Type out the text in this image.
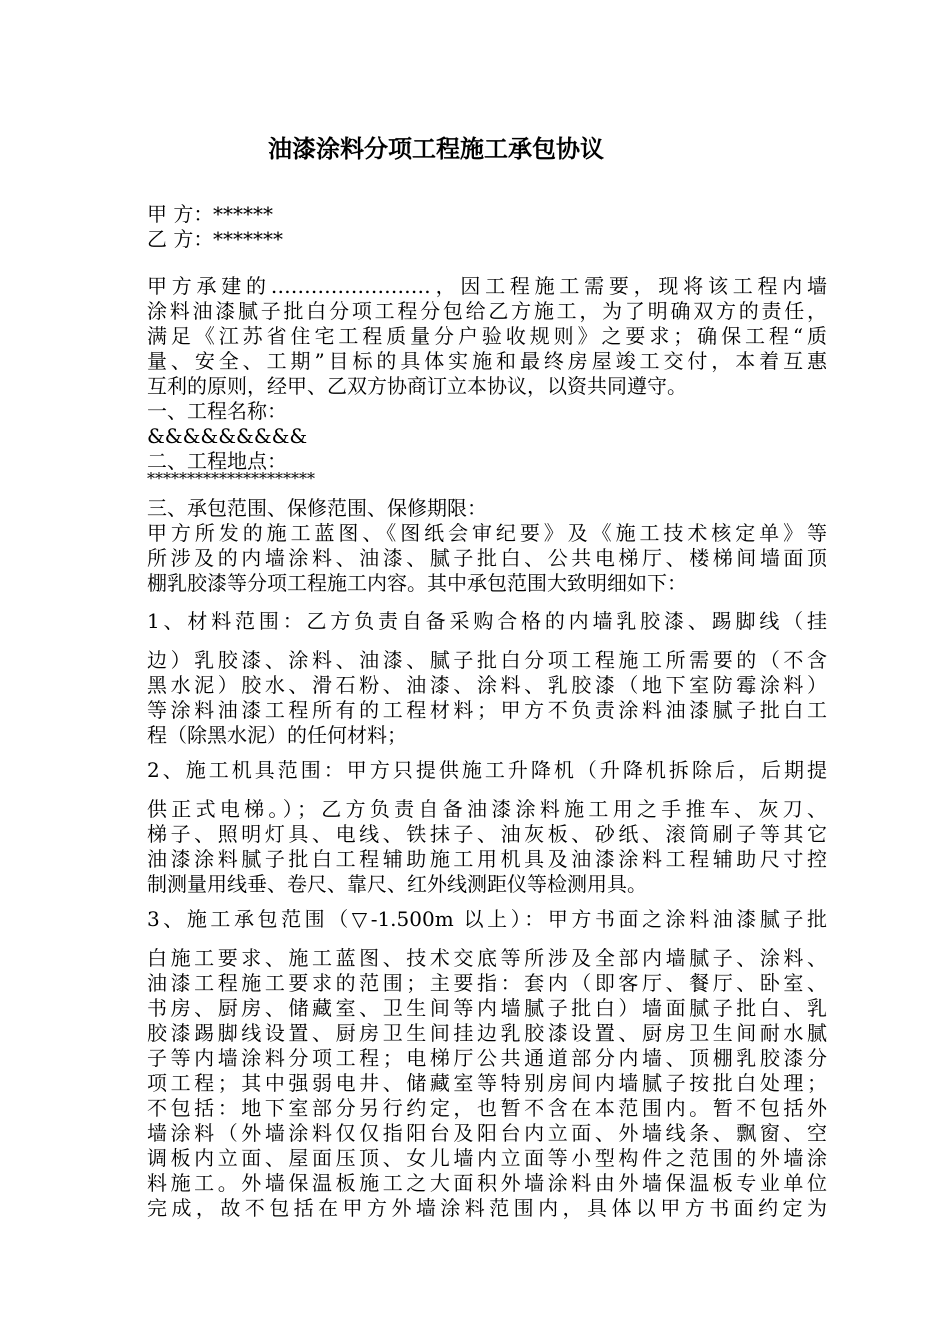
油漆涂料分项工程施工承包协议
甲 方：******
乙 方：*******
甲方承建的……………………，因工程施工需要，现将该工程内墙
涂料油漆腻子批白分项工程分包给乙方施工，为了明确双方的责任，
满足《江苏省住宅工程质量分户验收规则》之要求；确保工程“质
量、安全、工期”目标的具体实施和最终房屋竣工交付，本着互惠
互利的原则，经甲、乙双方协商订立本协议，以资共同遵守。
一、工程名称：
&&&&&&&&&
二、工程地点：
*********************
三、承包范围、保修范围、保修期限：
甲方所发的施工蓝图、《图纸会审纪要》及《施工技术核定单》等
所涉及的内墙涂料、油漆、腻子批白、公共电梯厅、楼梯间墙面顶
棚乳胶漆等分项工程施工内容。其中承包范围大致明细如下：
1、材料范围：乙方负责自备采购合格的内墙乳胶漆、踢脚线（挂
边）乳胶漆、涂料、油漆、腻子批白分项工程施工所需要的（不含
黑水泥）胶水、滑石粉、油漆、涂料、乳胶漆（地下室防霉涂料）
等涂料油漆工程所有的工程材料；甲方不负责涂料油漆腻子批白工
程（除黑水泥）的任何材料；
2、施工机具范围：甲方只提供施工升降机（升降机拆除后，后期提
供正式电梯。）；乙方负责自备油漆涂料施工用之手推车、灰刀、
梯子、照明灯具、电线、铁抹子、油灰板、砂纸、滚筒刷子等其它
油漆涂料腻子批白工程辅助施工用机具及油漆涂料工程辅助尺寸控
制测量用线垂、卷尺、靠尺、红外线测距仪等检测用具。
3、施工承包范围（▽-1.500m 以上）：甲方书面之涂料油漆腻子批
白施工要求、施工蓝图、技术交底等所涉及全部内墙腻子、涂料、
油漆工程施工要求的范围；主要指：套内（即客厅、餐厅、卧室、
书房、厨房、储藏室、卫生间等内墙腻子批白）墙面腻子批白、乳
胶漆踢脚线设置、厨房卫生间挂边乳胶漆设置、厨房卫生间耐水腻
子等内墙涂料分项工程；电梯厅公共通道部分内墙、顶棚乳胶漆分
项工程；其中强弱电井、储藏室等特别房间内墙腻子按批白处理；
不包括：地下室部分另行约定，也暂不含在本范围内。暂不包括外
墙涂料（外墙涂料仅仅指阳台及阳台内立面、外墙线条、飘窗、空
调板内立面、屋面压顶、女儿墙内立面等小型构件之范围的外墙涂
料施工。外墙保温板施工之大面积外墙涂料由外墙保温板专业单位
完成，故不包括在甲方外墙涂料范围内，具体以甲方书面约定为
